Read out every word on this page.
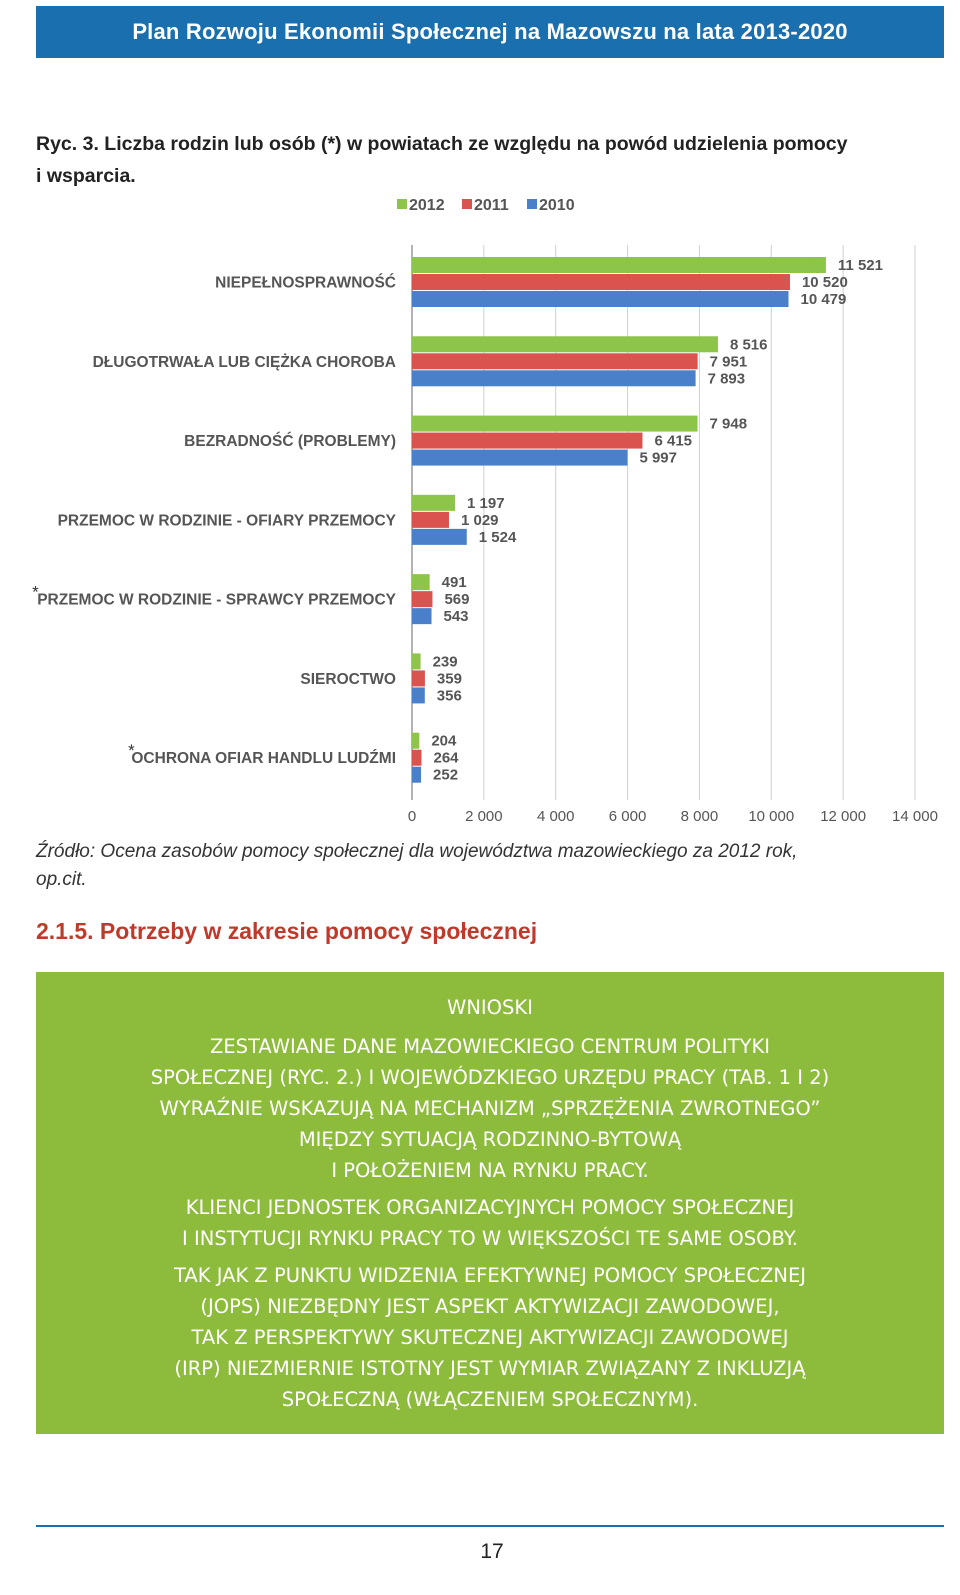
Plan Rozwoju Ekonomii Społecznej na Mazowszu na lata 2013-2020
Ryc. 3. Liczba rodzin lub osób (*) w powiatach ze względu na powód udzielenia pomocy
i wsparcia.
0	2 000 4 000 6 000 8 000 10 000 12 000 14 000
2012 2011 2010
NIEPEŁNOSPRAWNOŚĆ
11 521
10 520
10 479
DŁUGOTRWAŁA LUB CIĘŻKA CHOROBA
8 516
7 951
7 893
BEZRADNOŚĆ (PROBLEMY)
7 948
6 415
5 997
PRZEMOC W RODZINIE - OFIARY PRZEMOCY
1 197
1 029
1 524
PRZEMOC W RODZINIE - SPRAWCY PRZEMOCY
*	491
569
543
SIEROCTWO
239
359
356
OCHRONA OFIAR HANDLU LUDŹMI
*	204
264
252
Źródło: Ocena zasobów pomocy społecznej dla województwa mazowieckiego za 2012 rok,
op.cit.
2.1.5. Potrzeby w zakresie pomocy społecznej
WNIOSKI

ZESTAWIANE DANE MAZOWIECKIEGO CENTRUM POLITYKI
SPOŁECZNEJ (RYC. 2.) I WOJEWÓDZKIEGO URZĘDU PRACY (TAB. 1 I 2)
WYRAŹNIE WSKAZUJĄ NA MECHANIZM „SPRZĘŻENIA ZWROTNEGO”
MIĘDZY SYTUACJĄ RODZINNO-BYTOWĄ
I POŁOŻENIEM NA RYNKU PRACY.

KLIENCI JEDNOSTEK ORGANIZACYJNYCH POMOCY SPOŁECZNEJ
I INSTYTUCJI RYNKU PRACY TO W WIĘKSZOŚCI TE SAME OSOBY.

TAK JAK Z PUNKTU WIDZENIA EFEKTYWNEJ POMOCY SPOŁECZNEJ
(JOPS) NIEZBĘDNY JEST ASPEKT AKTYWIZACJI ZAWODOWEJ,
TAK Z PERSPEKTYWY SKUTECZNEJ AKTYWIZACJI ZAWODOWEJ
(IRP) NIEZMIERNIE ISTOTNY JEST WYMIAR ZWIĄZANY Z INKLUZJĄ
SPOŁECZNĄ (WŁĄCZENIEM SPOŁECZNYM).

17
